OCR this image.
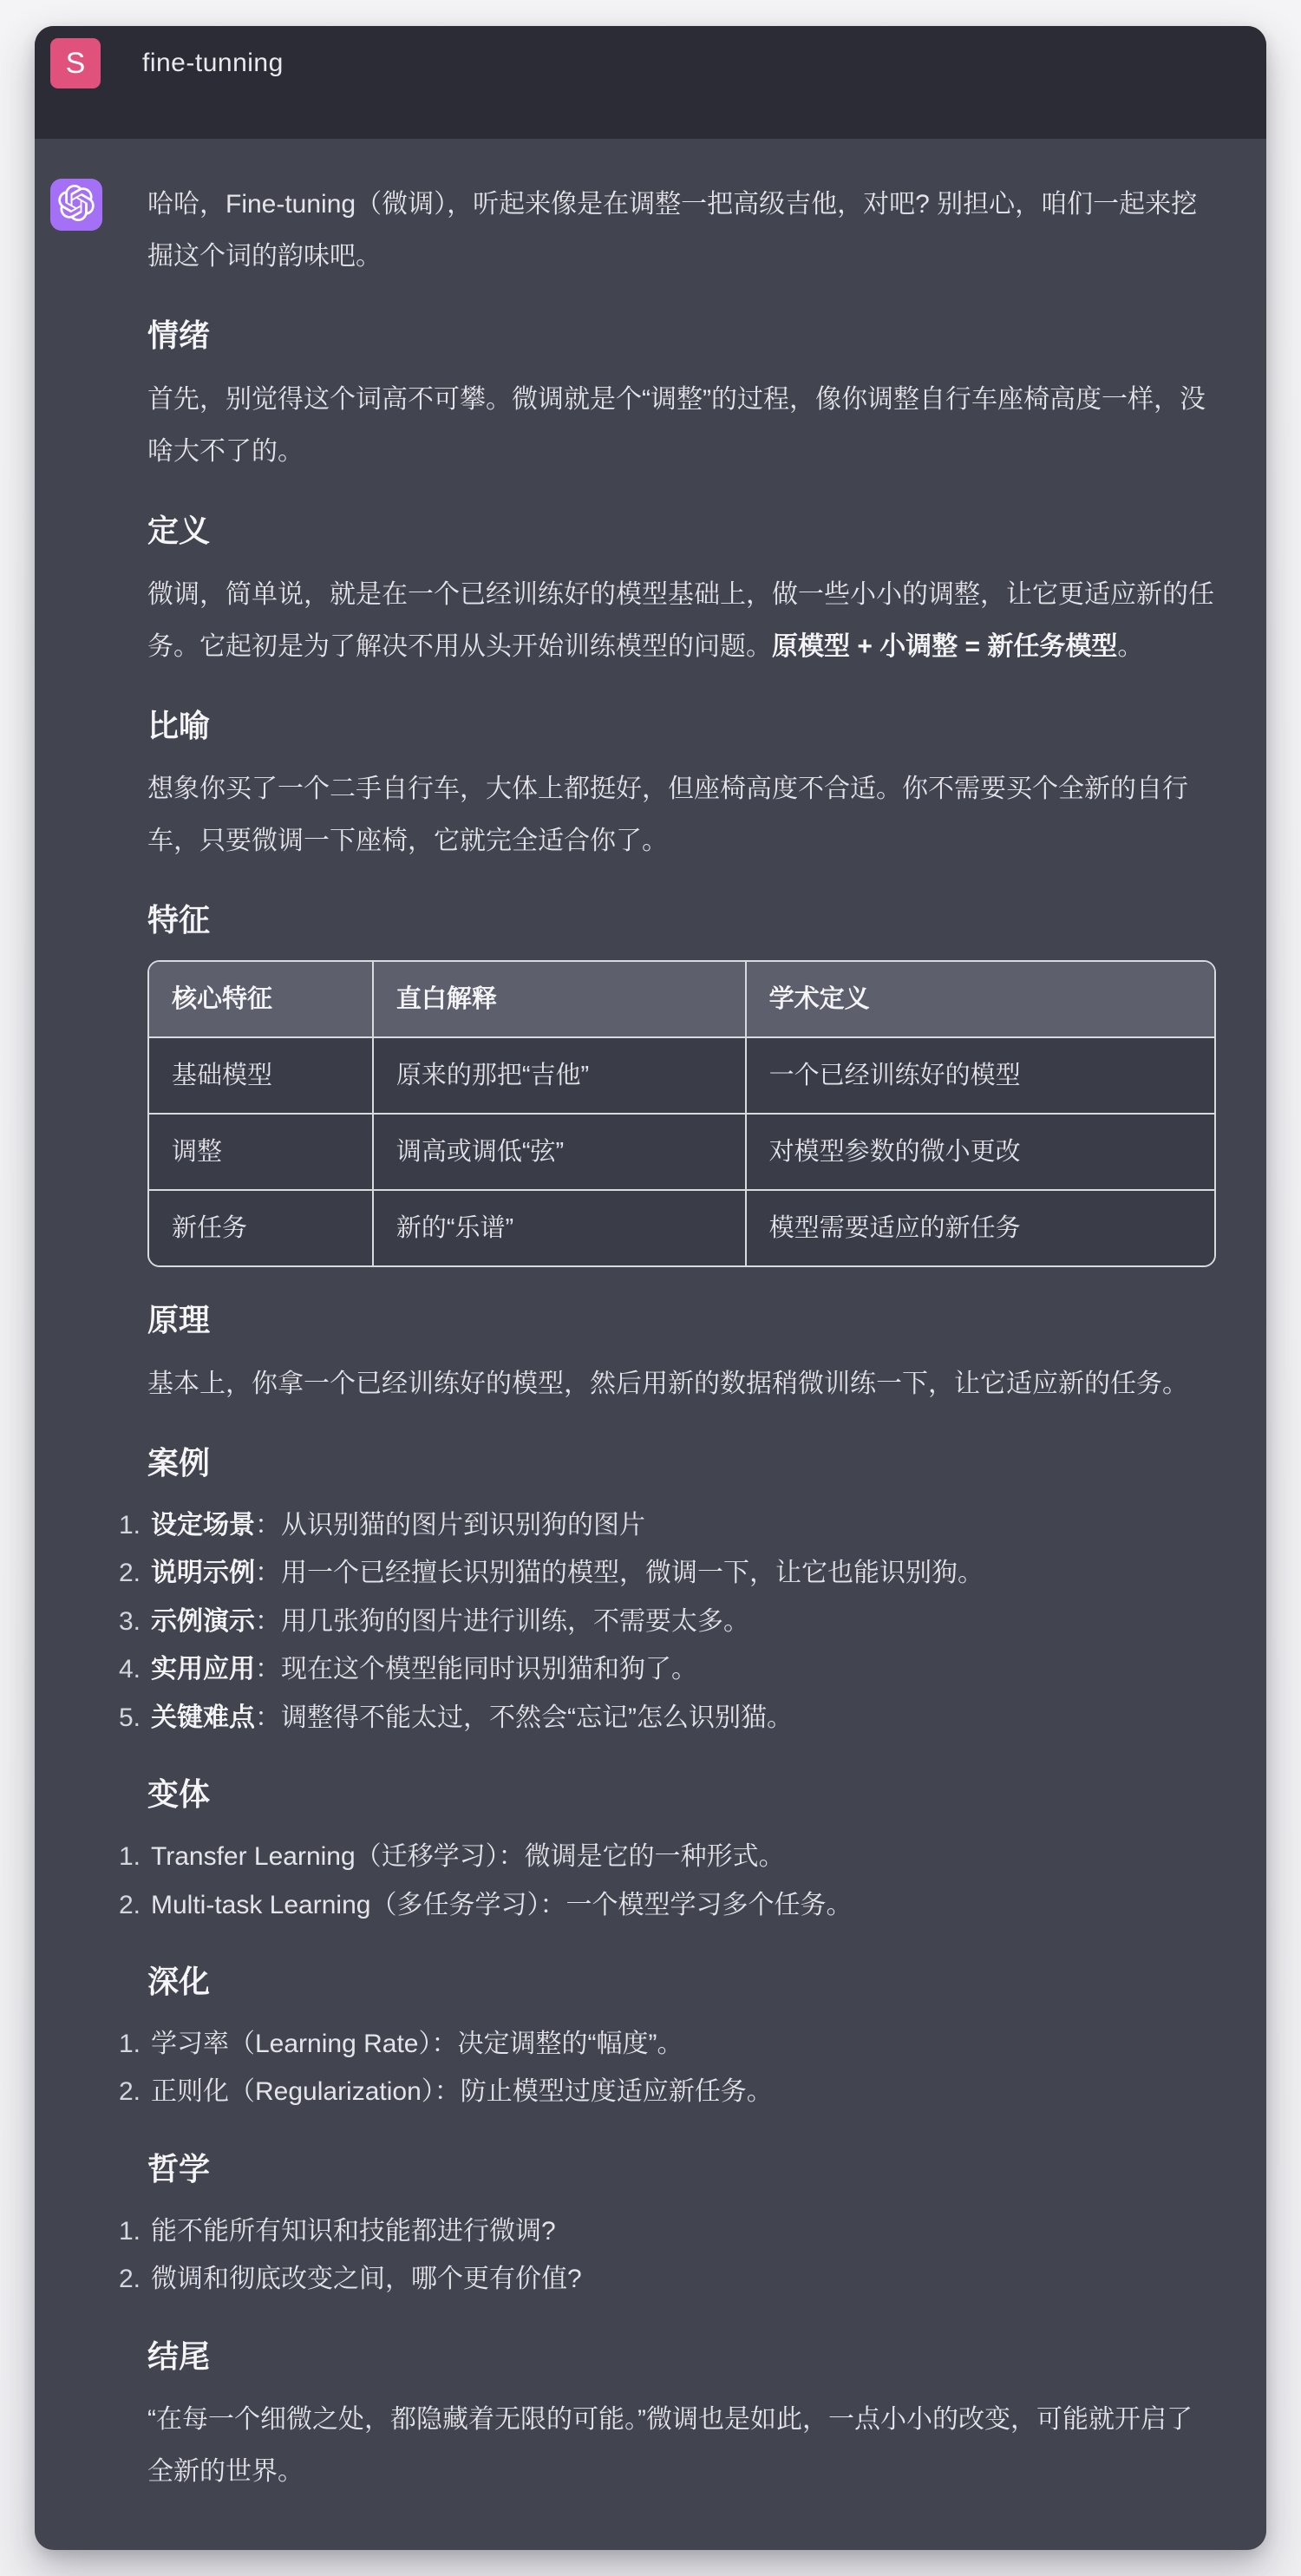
S fine-tunning

哈哈，Fine-tuning（微调），听起来像是在调整一把高级吉他，对吧? 别担心，咱们一起来挖掘这个词的韵味吧。

情绪

首先，别觉得这个词高不可攀。微调就是个“调整”的过程，像你调整自行车座椅高度一样，没啥大不了的。

定义

微调，简单说，就是在一个已经训练好的模型基础上，做一些小小的调整，让它更适应新的任务。它起初是为了解决不用从头开始训练模型的问题。原模型 + 小调整 = 新任务模型。

比喻

想象你买了一个二手自行车，大体上都挺好，但座椅高度不合适。你不需要买个全新的自行车，只要微调一下座椅，它就完全适合你了。

特征
核心特征	直白解释	学术定义
基础模型	原来的那把“吉他”	一个已经训练好的模型
调整	调高或调低“弦”	对模型参数的微小更改
新任务	新的“乐谱”	模型需要适应的新任务
原理

基本上，你拿一个已经训练好的模型，然后用新的数据稍微训练一下，让它适应新的任务。

案例
设定场景：从识别猫的图片到识别狗的图片
说明示例：用一个已经擅长识别猫的模型，微调一下，让它也能识别狗。
示例演示：用几张狗的图片进行训练，不需要太多。
实用应用：现在这个模型能同时识别猫和狗了。
关键难点：调整得不能太过，不然会“忘记”怎么识别猫。
变体
Transfer Learning（迁移学习）：微调是它的一种形式。
Multi-task Learning（多任务学习）：一个模型学习多个任务。
深化
学习率（Learning Rate）：决定调整的“幅度”。
正则化（Regularization）：防止模型过度适应新任务。
哲学
能不能所有知识和技能都进行微调?
微调和彻底改变之间，哪个更有价值?
结尾

“在每一个细微之处，都隐藏着无限的可能。”微调也是如此，一点小小的改变，可能就开启了全新的世界。
